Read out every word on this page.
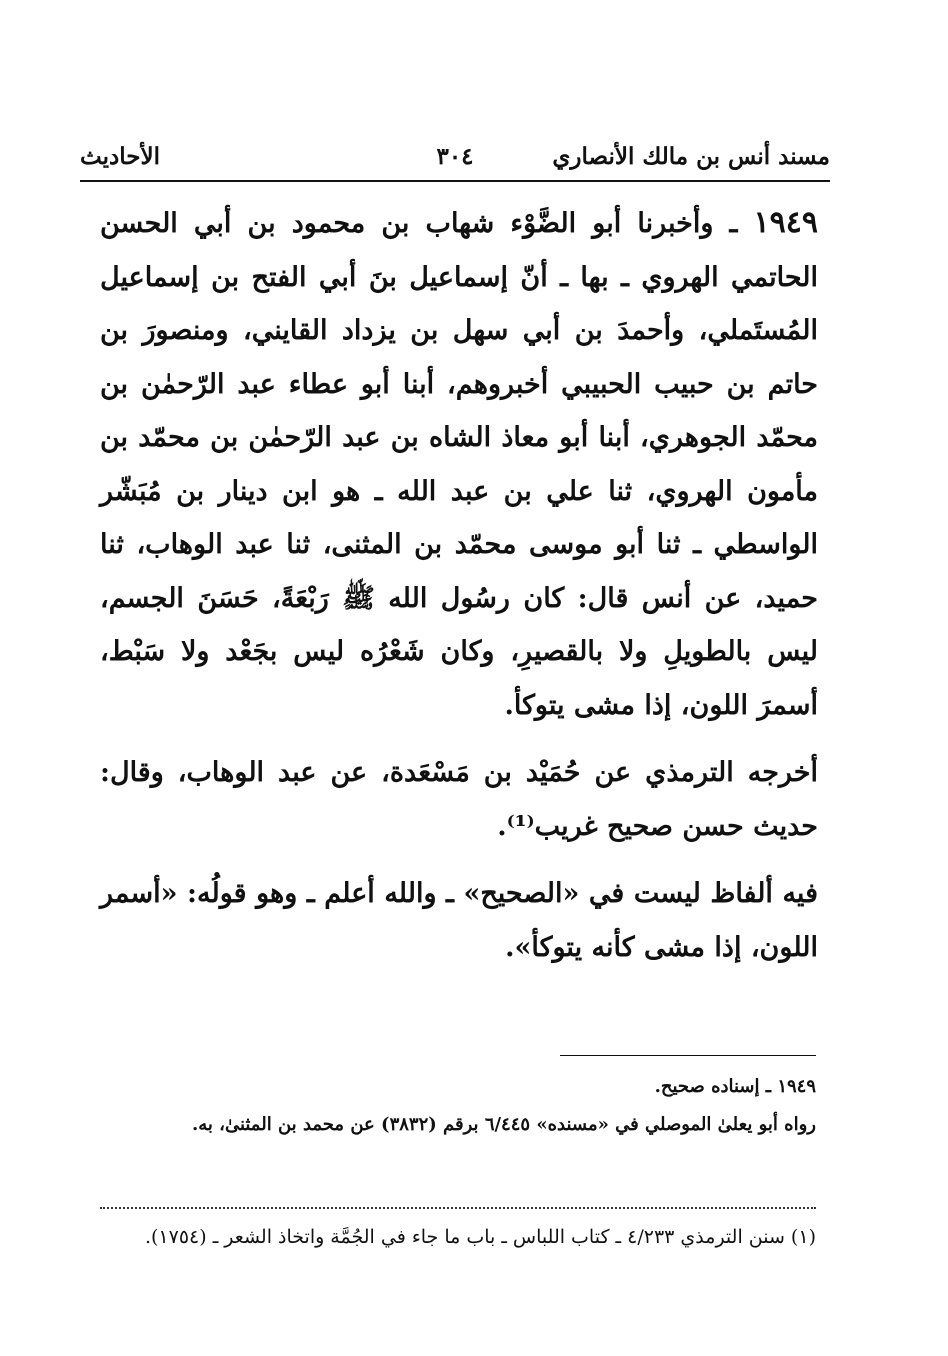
مسند أنس بن مالك الأنصاري
٣٠٤
الأحاديث

١٩٤٩ ـ وأخبرنا أبو الضَّوْء شهاب بن محمود بن أبي الحسن الحاتمي الهروي ـ بها ـ أنّ إسماعيل بنَ أبي الفتح بن إسماعيل المُستَملي، وأحمدَ بن أبي سهل بن يزداد القايني، ومنصورَ بن حاتم بن حبيب الحبيبي أخبروهم، أبنا أبو عطاء عبد الرّحمٰن بن محمّد الجوهري، أبنا أبو معاذ الشاه بن عبد الرّحمٰن بن محمّد بن مأمون الهروي، ثنا علي بن عبد الله ـ هو ابن دينار بن مُبَشّر الواسطي ـ ثنا أبو موسى محمّد بن المثنى، ثنا عبد الوهاب، ثنا حميد، عن أنس قال: كان رسُول الله ﷺ رَبْعَةً، حَسَنَ الجسم، ليس بالطويلِ ولا بالقصيرِ، وكان شَعْرُه ليس بجَعْد ولا سَبْط، أسمرَ اللون، إذا مشى يتوكأ.

أخرجه الترمذي عن حُمَيْد بن مَسْعَدة، عن عبد الوهاب، وقال: حديث حسن صحيح غريب⁽¹⁾.

فيه ألفاظ ليست في «الصحيح» ـ والله أعلم ـ وهو قولُه: «أسمر اللون، إذا مشى كأنه يتوكأ».

١٩٤٩ ـ إسناده صحيح.

رواه أبو يعلىٰ الموصلي في «مسنده» ٦/٤٤٥ برقم (٣٨٣٢) عن محمد بن المثنىٰ، به.

(١) سنن الترمذي ٤/٢٣٣ ـ كتاب اللباس ـ باب ما جاء في الجُمَّة واتخاذ الشعر ـ (١٧٥٤).
